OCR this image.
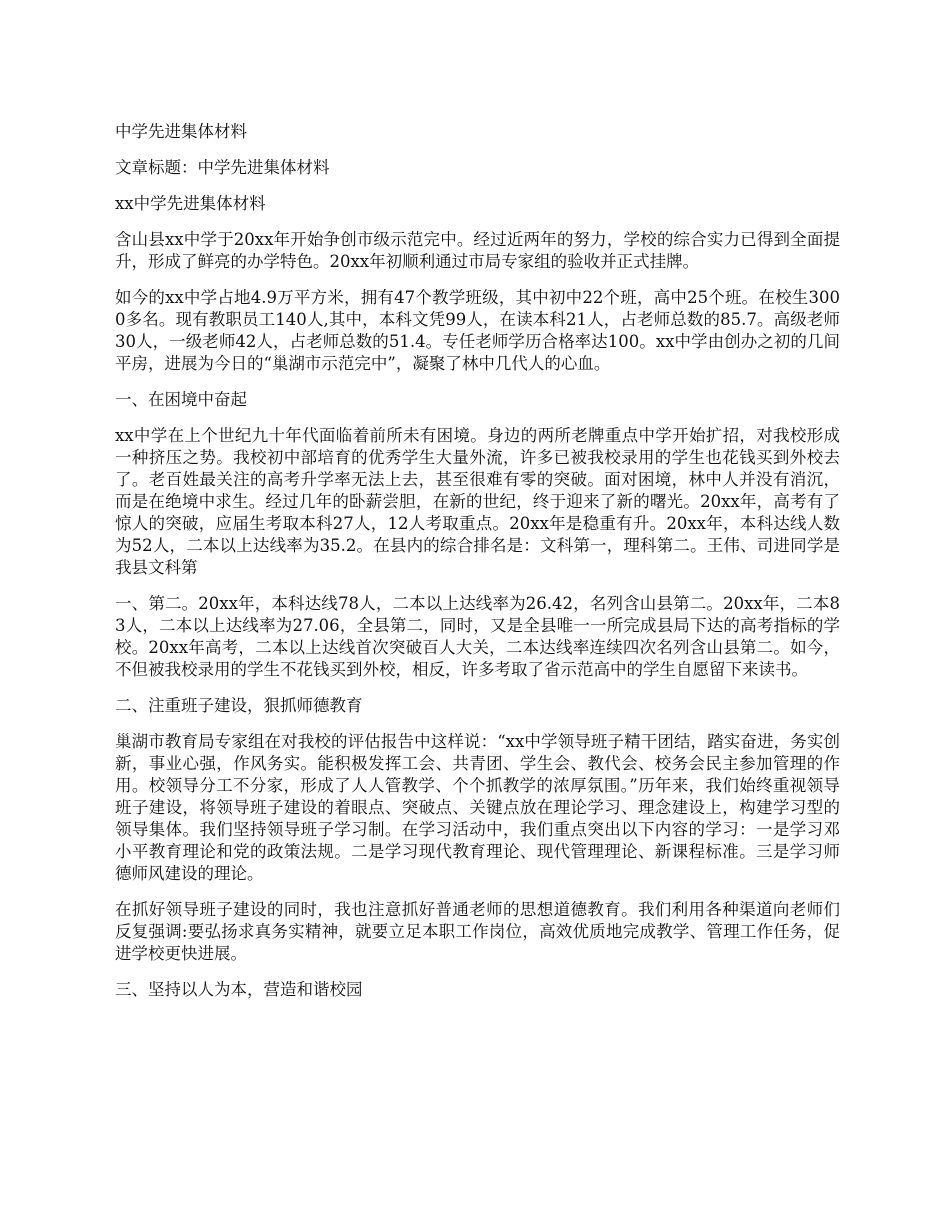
中学先进集体材料

文章标题：中学先进集体材料

xx中学先进集体材料

含山县xx中学于20xx年开始争创市级示范完中。经过近两年的努力，学校的综合实力已得到全面提升，形成了鲜亮的办学特色。20xx年初顺利通过市局专家组的验收并正式挂牌。

如今的xx中学占地4.9万平方米，拥有47个教学班级，其中初中22个班，高中25个班。在校生3000多名。现有教职员工140人,其中，本科文凭99人，在读本科21人，占老师总数的85.7。高级老师30人，一级老师42人，占老师总数的51.4。专任老师学历合格率达100。xx中学由创办之初的几间平房，进展为今日的“巢湖市示范完中”，凝聚了林中几代人的心血。

一、在困境中奋起

xx中学在上个世纪九十年代面临着前所未有困境。身边的两所老牌重点中学开始扩招，对我校形成一种挤压之势。我校初中部培育的优秀学生大量外流，许多已被我校录用的学生也花钱买到外校去了。老百姓最关注的高考升学率无法上去，甚至很难有零的突破。面对困境，林中人并没有消沉，而是在绝境中求生。经过几年的卧薪尝胆，在新的世纪，终于迎来了新的曙光。20xx年，高考有了惊人的突破，应届生考取本科27人，12人考取重点。20xx年是稳重有升。20xx年，本科达线人数为52人，二本以上达线率为35.2。在县内的综合排名是：文科第一，理科第二。王伟、司进同学是我县文科第

一、第二。20xx年，本科达线78人，二本以上达线率为26.42，名列含山县第二。20xx年，二本83人，二本以上达线率为27.06，全县第二，同时，又是全县唯一一所完成县局下达的高考指标的学校。20xx年高考，二本以上达线首次突破百人大关，二本达线率连续四次名列含山县第二。如今，不但被我校录用的学生不花钱买到外校，相反，许多考取了省示范高中的学生自愿留下来读书。

二、注重班子建设，狠抓师德教育

巢湖市教育局专家组在对我校的评估报告中这样说：“xx中学领导班子精干团结，踏实奋进，务实创新，事业心强，作风务实。能积极发挥工会、共青团、学生会、教代会、校务会民主参加管理的作用。校领导分工不分家，形成了人人管教学、个个抓教学的浓厚氛围。”历年来，我们始终重视领导班子建设，将领导班子建设的着眼点、突破点、关键点放在理论学习、理念建设上，构建学习型的领导集体。我们坚持领导班子学习制。在学习活动中，我们重点突出以下内容的学习：一是学习邓小平教育理论和党的政策法规。二是学习现代教育理论、现代管理理论、新课程标准。三是学习师德师风建设的理论。

在抓好领导班子建设的同时，我也注意抓好普通老师的思想道德教育。我们利用各种渠道向老师们反复强调:要弘扬求真务实精神，就要立足本职工作岗位，高效优质地完成教学、管理工作任务，促进学校更快进展。

三、坚持以人为本，营造和谐校园
